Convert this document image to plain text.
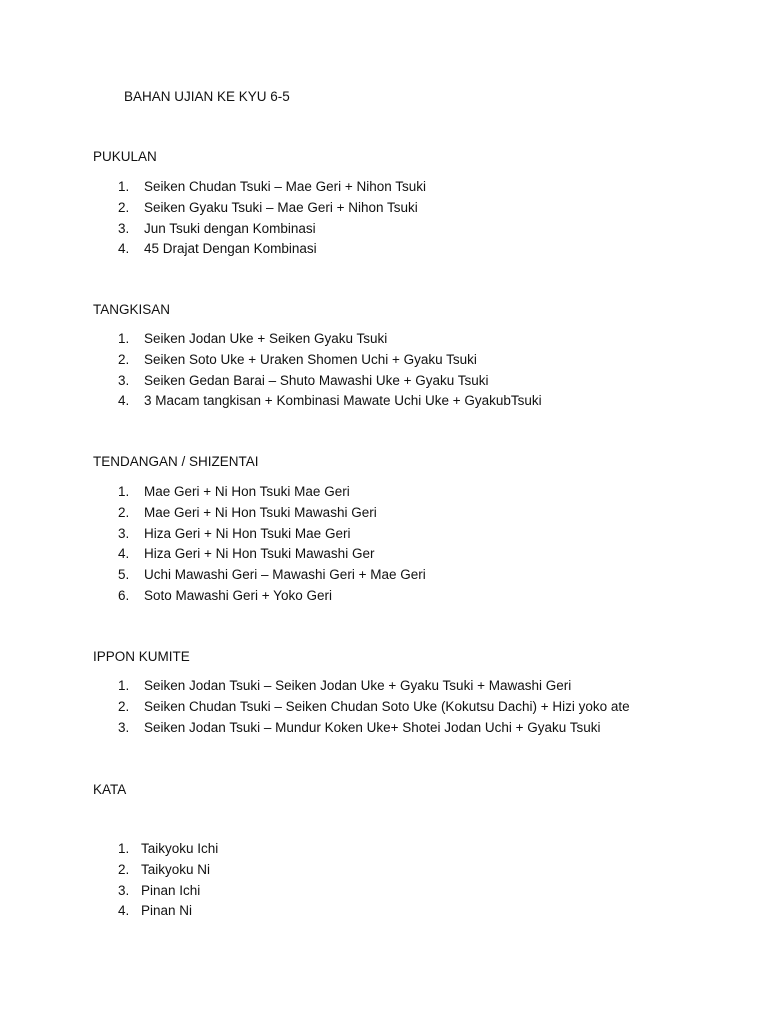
BAHAN UJIAN KE KYU 6-5
PUKULAN
1. Seiken Chudan Tsuki – Mae Geri + Nihon Tsuki
2. Seiken Gyaku Tsuki – Mae Geri + Nihon Tsuki
3. Jun Tsuki dengan Kombinasi
4. 45 Drajat Dengan Kombinasi
TANGKISAN
1. Seiken Jodan Uke + Seiken Gyaku Tsuki
2. Seiken Soto Uke + Uraken Shomen Uchi + Gyaku Tsuki
3. Seiken Gedan Barai – Shuto Mawashi Uke + Gyaku Tsuki
4. 3 Macam tangkisan + Kombinasi Mawate Uchi Uke + GyakubTsuki
TENDANGAN / SHIZENTAI
1. Mae Geri + Ni Hon Tsuki Mae Geri
2. Mae Geri + Ni Hon Tsuki Mawashi Geri
3. Hiza Geri + Ni Hon Tsuki Mae Geri
4. Hiza Geri + Ni Hon Tsuki Mawashi Ger
5. Uchi Mawashi Geri – Mawashi Geri + Mae Geri
6. Soto Mawashi Geri + Yoko Geri
IPPON KUMITE
1. Seiken Jodan Tsuki – Seiken Jodan Uke + Gyaku Tsuki + Mawashi Geri
2. Seiken Chudan Tsuki – Seiken Chudan Soto Uke (Kokutsu Dachi) + Hizi yoko ate
3. Seiken Jodan Tsuki – Mundur Koken Uke+ Shotei Jodan Uchi + Gyaku Tsuki
KATA
1. Taikyoku Ichi
2. Taikyoku Ni
3. Pinan Ichi
4. Pinan Ni
